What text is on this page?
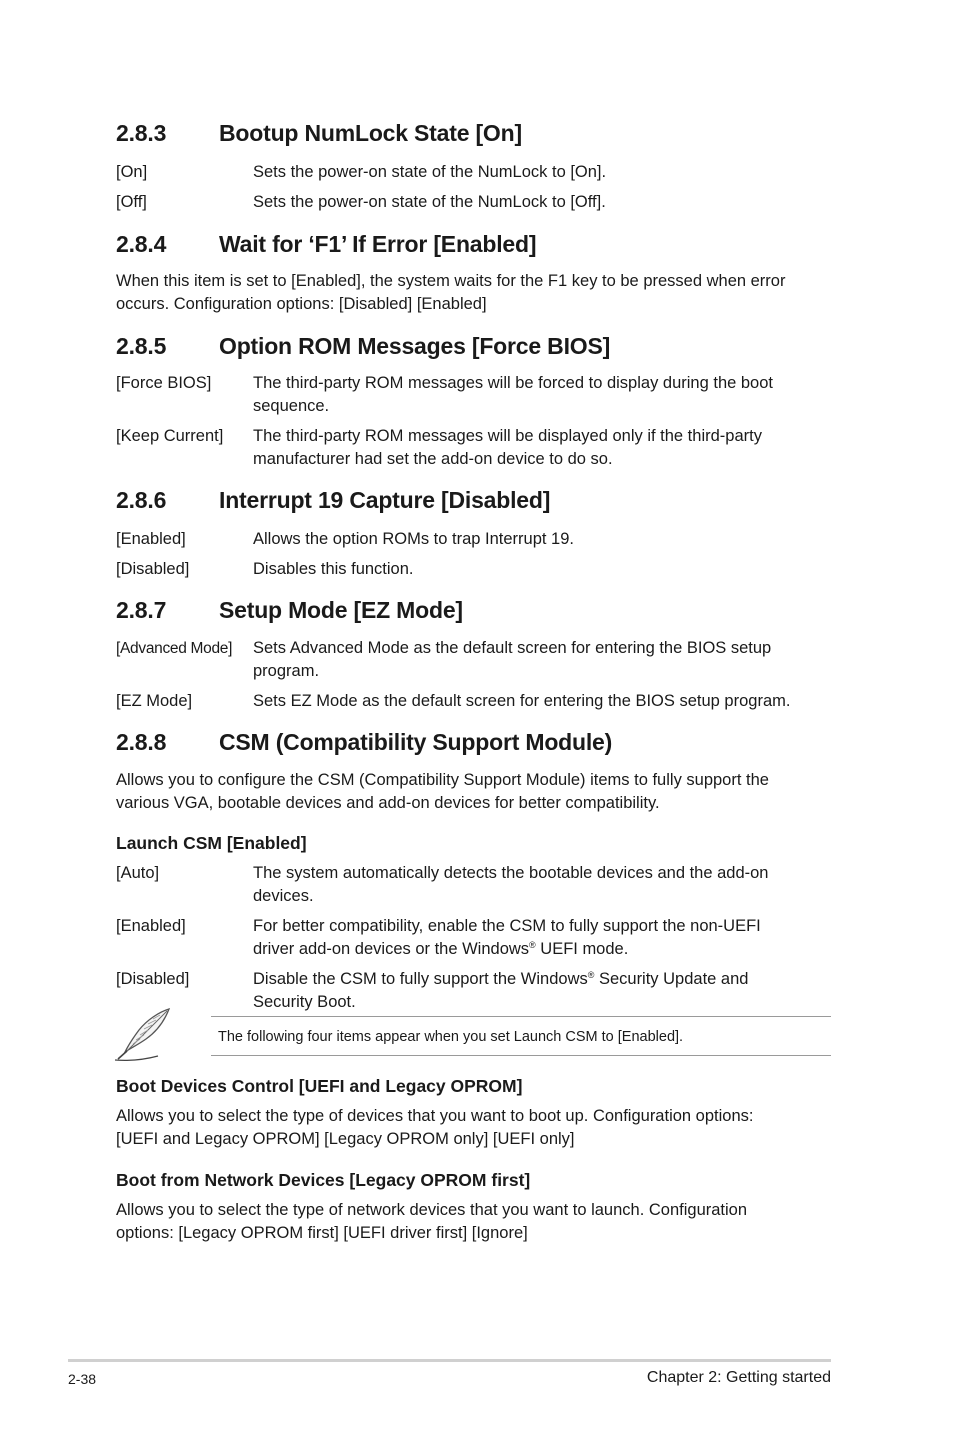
2.8.3 Bootup NumLock State [On]
[On]	Sets the power-on state of the NumLock to [On].
[Off]	Sets the power-on state of the NumLock to [Off].
2.8.4 Wait for ‘F1’ If Error [Enabled]
When this item is set to [Enabled], the system waits for the F1 key to be pressed when error
occurs. Configuration options: [Disabled] [Enabled]
2.8.5 Option ROM Messages [Force BIOS]
[Force BIOS]	The third-party ROM messages will be forced to display during the boot
sequence.
[Keep Current] The third-party ROM messages will be displayed only if the third-party
manufacturer had set the add-on device to do so.
2.8.6 Interrupt 19 Capture [Disabled]
[Enabled]	Allows the option ROMs to trap Interrupt 19.
[Disabled]	Disables this function.
2.8.7 Setup Mode [EZ Mode]
[Advanced Mode] Sets Advanced Mode as the default screen for entering the BIOS setup
program.
[EZ Mode]	Sets EZ Mode as the default screen for entering the BIOS setup program.
2.8.8 CSM (Compatibility Support Module)
Allows you to configure the CSM (Compatibility Support Module) items to fully support the
various VGA, bootable devices and add-on devices for better compatibility.
Launch CSM [Enabled]
[Auto]	The system automatically detects the bootable devices and the add-on
devices.
[Enabled]	For better compatibility, enable the CSM to fully support the non-UEFI
driver add-on devices or the Windows® UEFI mode.
[Disabled]	Disable the CSM to fully support the Windows® Security Update and
Security Boot.
The following four items appear when you set Launch CSM to [Enabled].
Boot Devices Control [UEFI and Legacy OPROM]
Allows you to select the type of devices that you want to boot up. Configuration options:
[UEFI and Legacy OPROM] [Legacy OPROM only] [UEFI only]
Boot from Network Devices [Legacy OPROM first]
Allows you to select the type of network devices that you want to launch. Configuration
options: [Legacy OPROM first] [UEFI driver first] [Ignore]
2-38	Chapter 2: Getting started
